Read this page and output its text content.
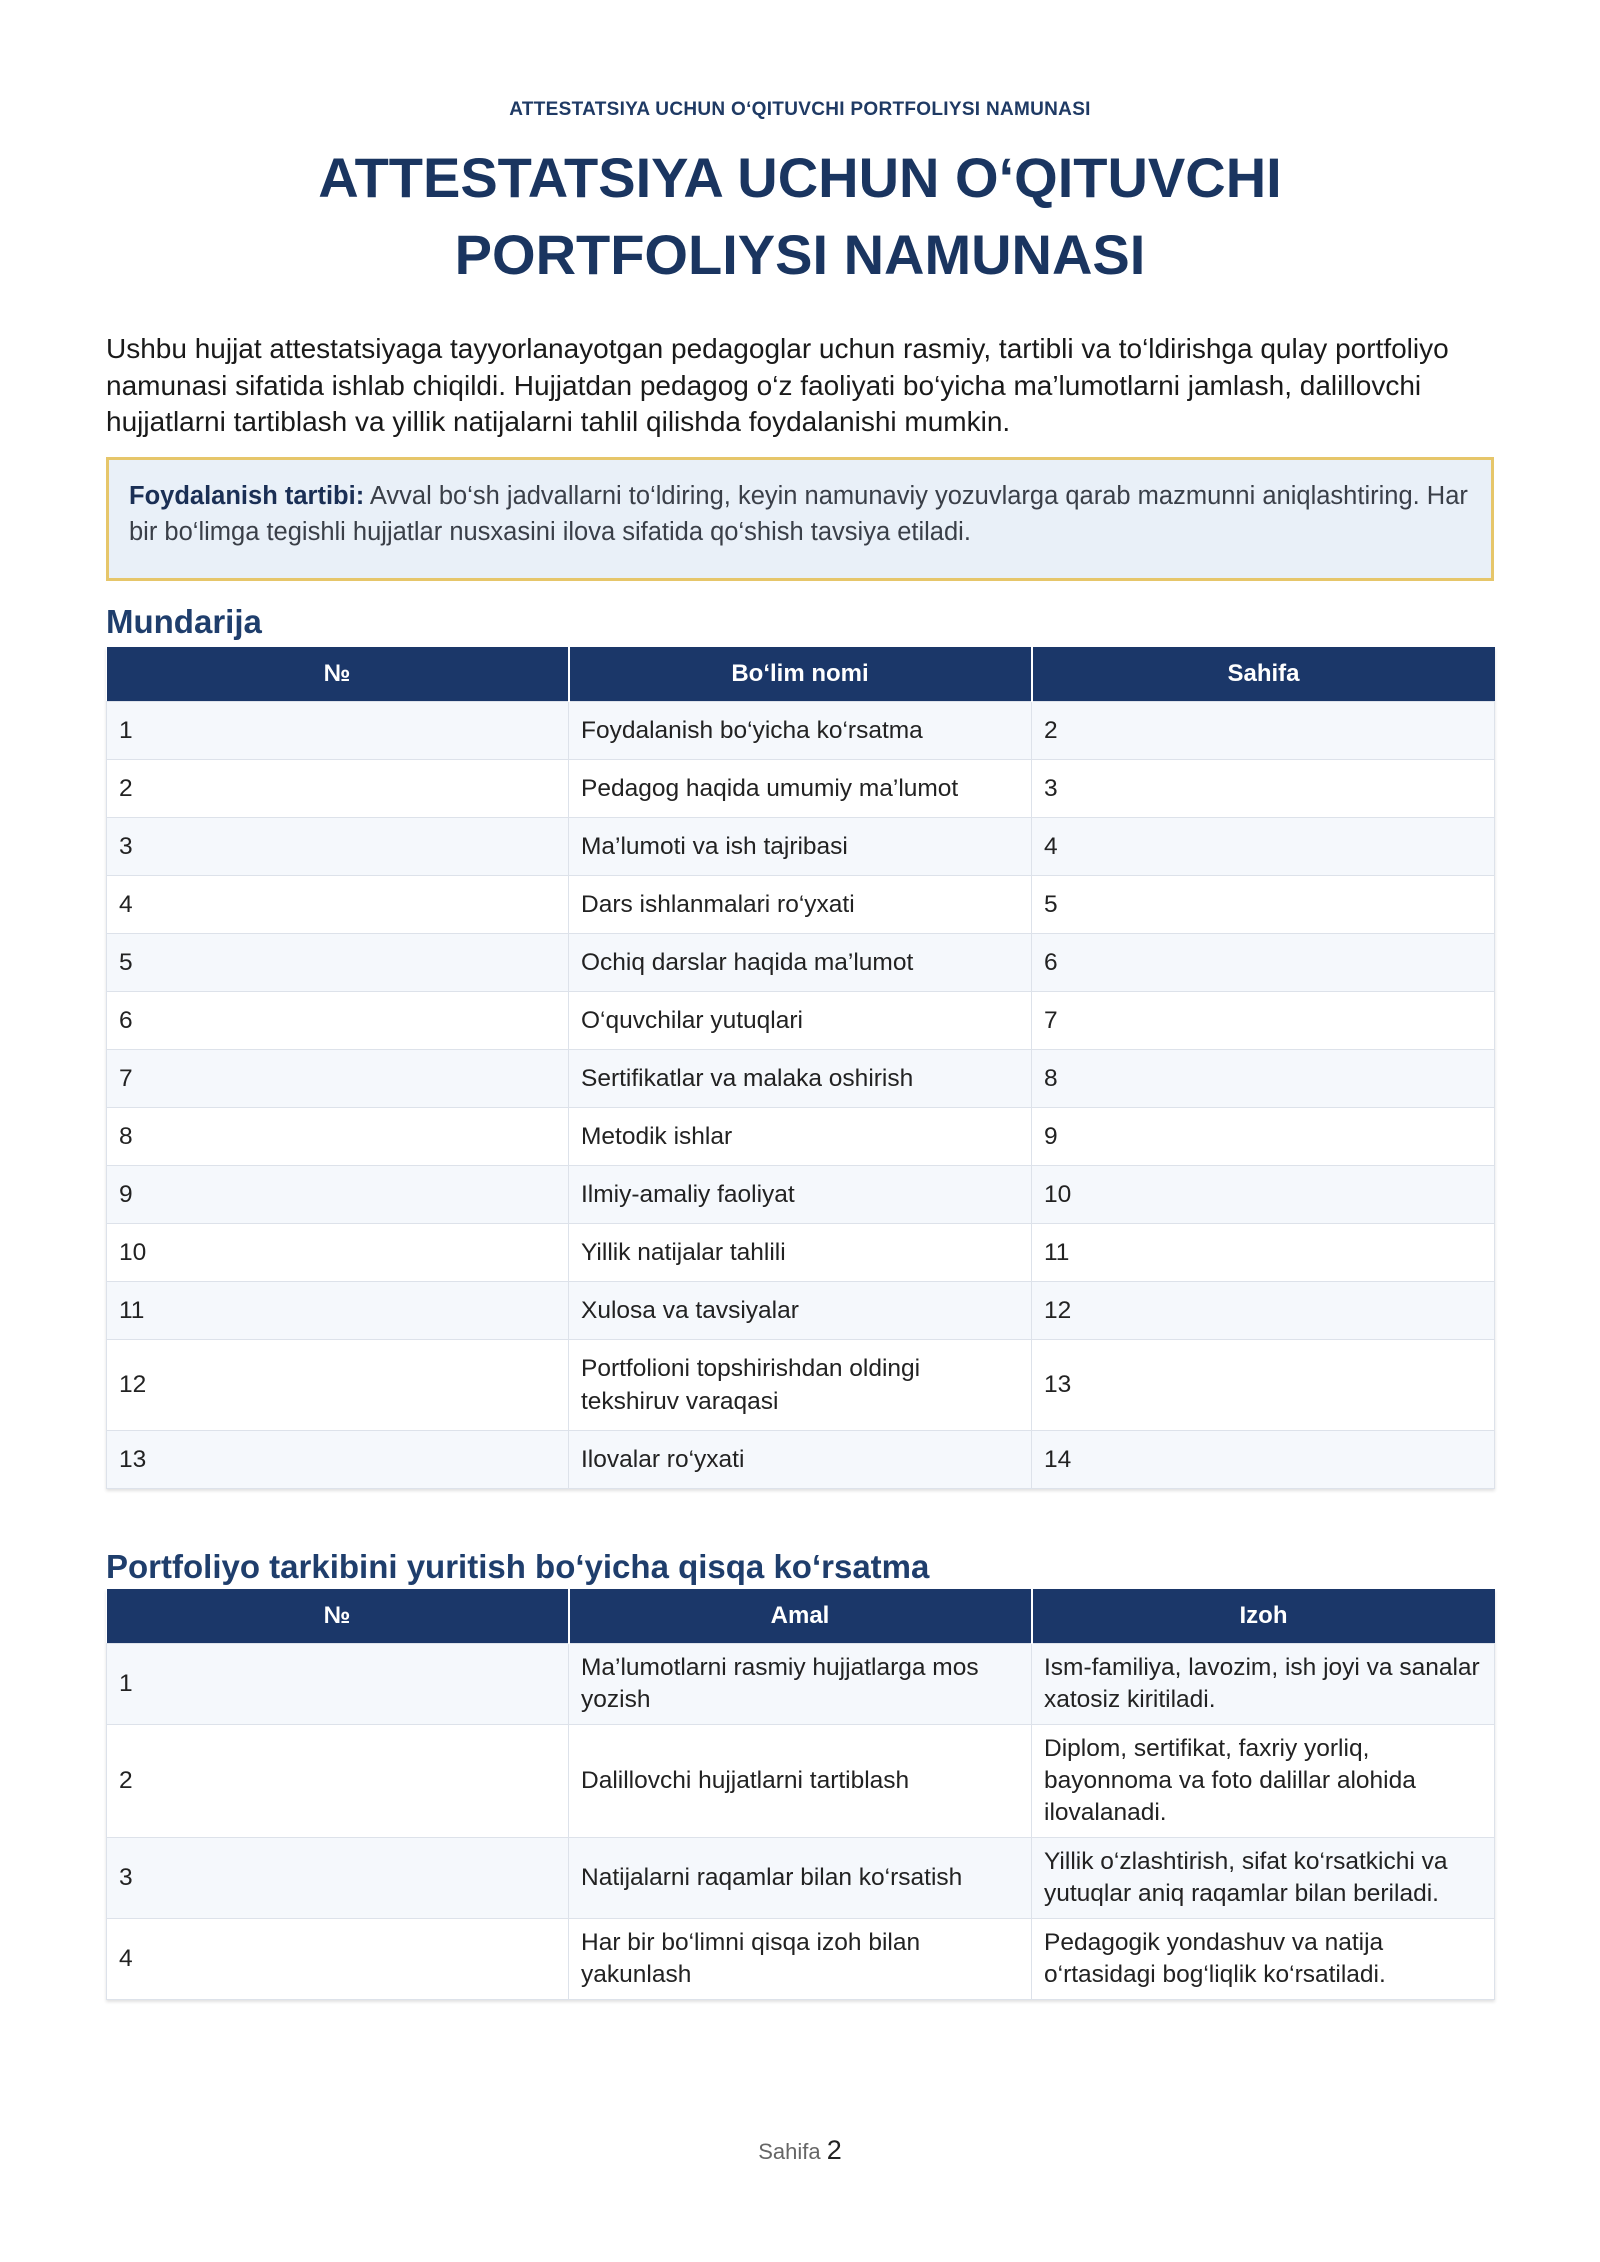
ATTESTATSIYA UCHUN O‘QITUVCHI PORTFOLIYSI NAMUNASI
ATTESTATSIYA UCHUN O‘QITUVCHI
PORTFOLIYSI NAMUNASI

Ushbu hujjat attestatsiyaga tayyorlanayotgan pedagoglar uchun rasmiy, tartibli va to‘ldirishga qulay portfoliyo namunasi sifatida ishlab chiqildi. Hujjatdan pedagog o‘z faoliyati bo‘yicha ma’lumotlarni jamlash, dalillovchi hujjatlarni tartiblash va yillik natijalarni tahlil qilishda foydalanishi mumkin.

Foydalanish tartibi: Avval bo‘sh jadvallarni to‘ldiring, keyin namunaviy yozuvlarga qarab mazmunni aniqlashtiring. Har bir bo‘limga tegishli hujjatlar nusxasini ilova sifatida qo‘shish tavsiya etiladi.
Mundarija
№	Bo‘lim nomi	Sahifa
1	Foydalanish bo‘yicha ko‘rsatma	2
2	Pedagog haqida umumiy ma’lumot	3
3	Ma’lumoti va ish tajribasi	4
4	Dars ishlanmalari ro‘yxati	5
5	Ochiq darslar haqida ma’lumot	6
6	O‘quvchilar yutuqlari	7
7	Sertifikatlar va malaka oshirish	8
8	Metodik ishlar	9
9	Ilmiy-amaliy faoliyat	10
10	Yillik natijalar tahlili	11
11	Xulosa va tavsiyalar	12
12	Portfolioni topshirishdan oldingi tekshiruv varaqasi	13
13	Ilovalar ro‘yxati	14
Portfoliyo tarkibini yuritish bo‘yicha qisqa ko‘rsatma
№	Amal	Izoh
1	Ma’lumotlarni rasmiy hujjatlarga mos yozish	Ism-familiya, lavozim, ish joyi va sanalar xatosiz kiritiladi.
2	Dalillovchi hujjatlarni tartiblash	Diplom, sertifikat, faxriy yorliq, bayonnoma va foto dalillar alohida ilovalanadi.
3	Natijalarni raqamlar bilan ko‘rsatish	Yillik o‘zlashtirish, sifat ko‘rsatkichi va yutuqlar aniq raqamlar bilan beriladi.
4	Har bir bo‘limni qisqa izoh bilan yakunlash	Pedagogik yondashuv va natija o‘rtasidagi bog‘liqlik ko‘rsatiladi.
Sahifa 2
